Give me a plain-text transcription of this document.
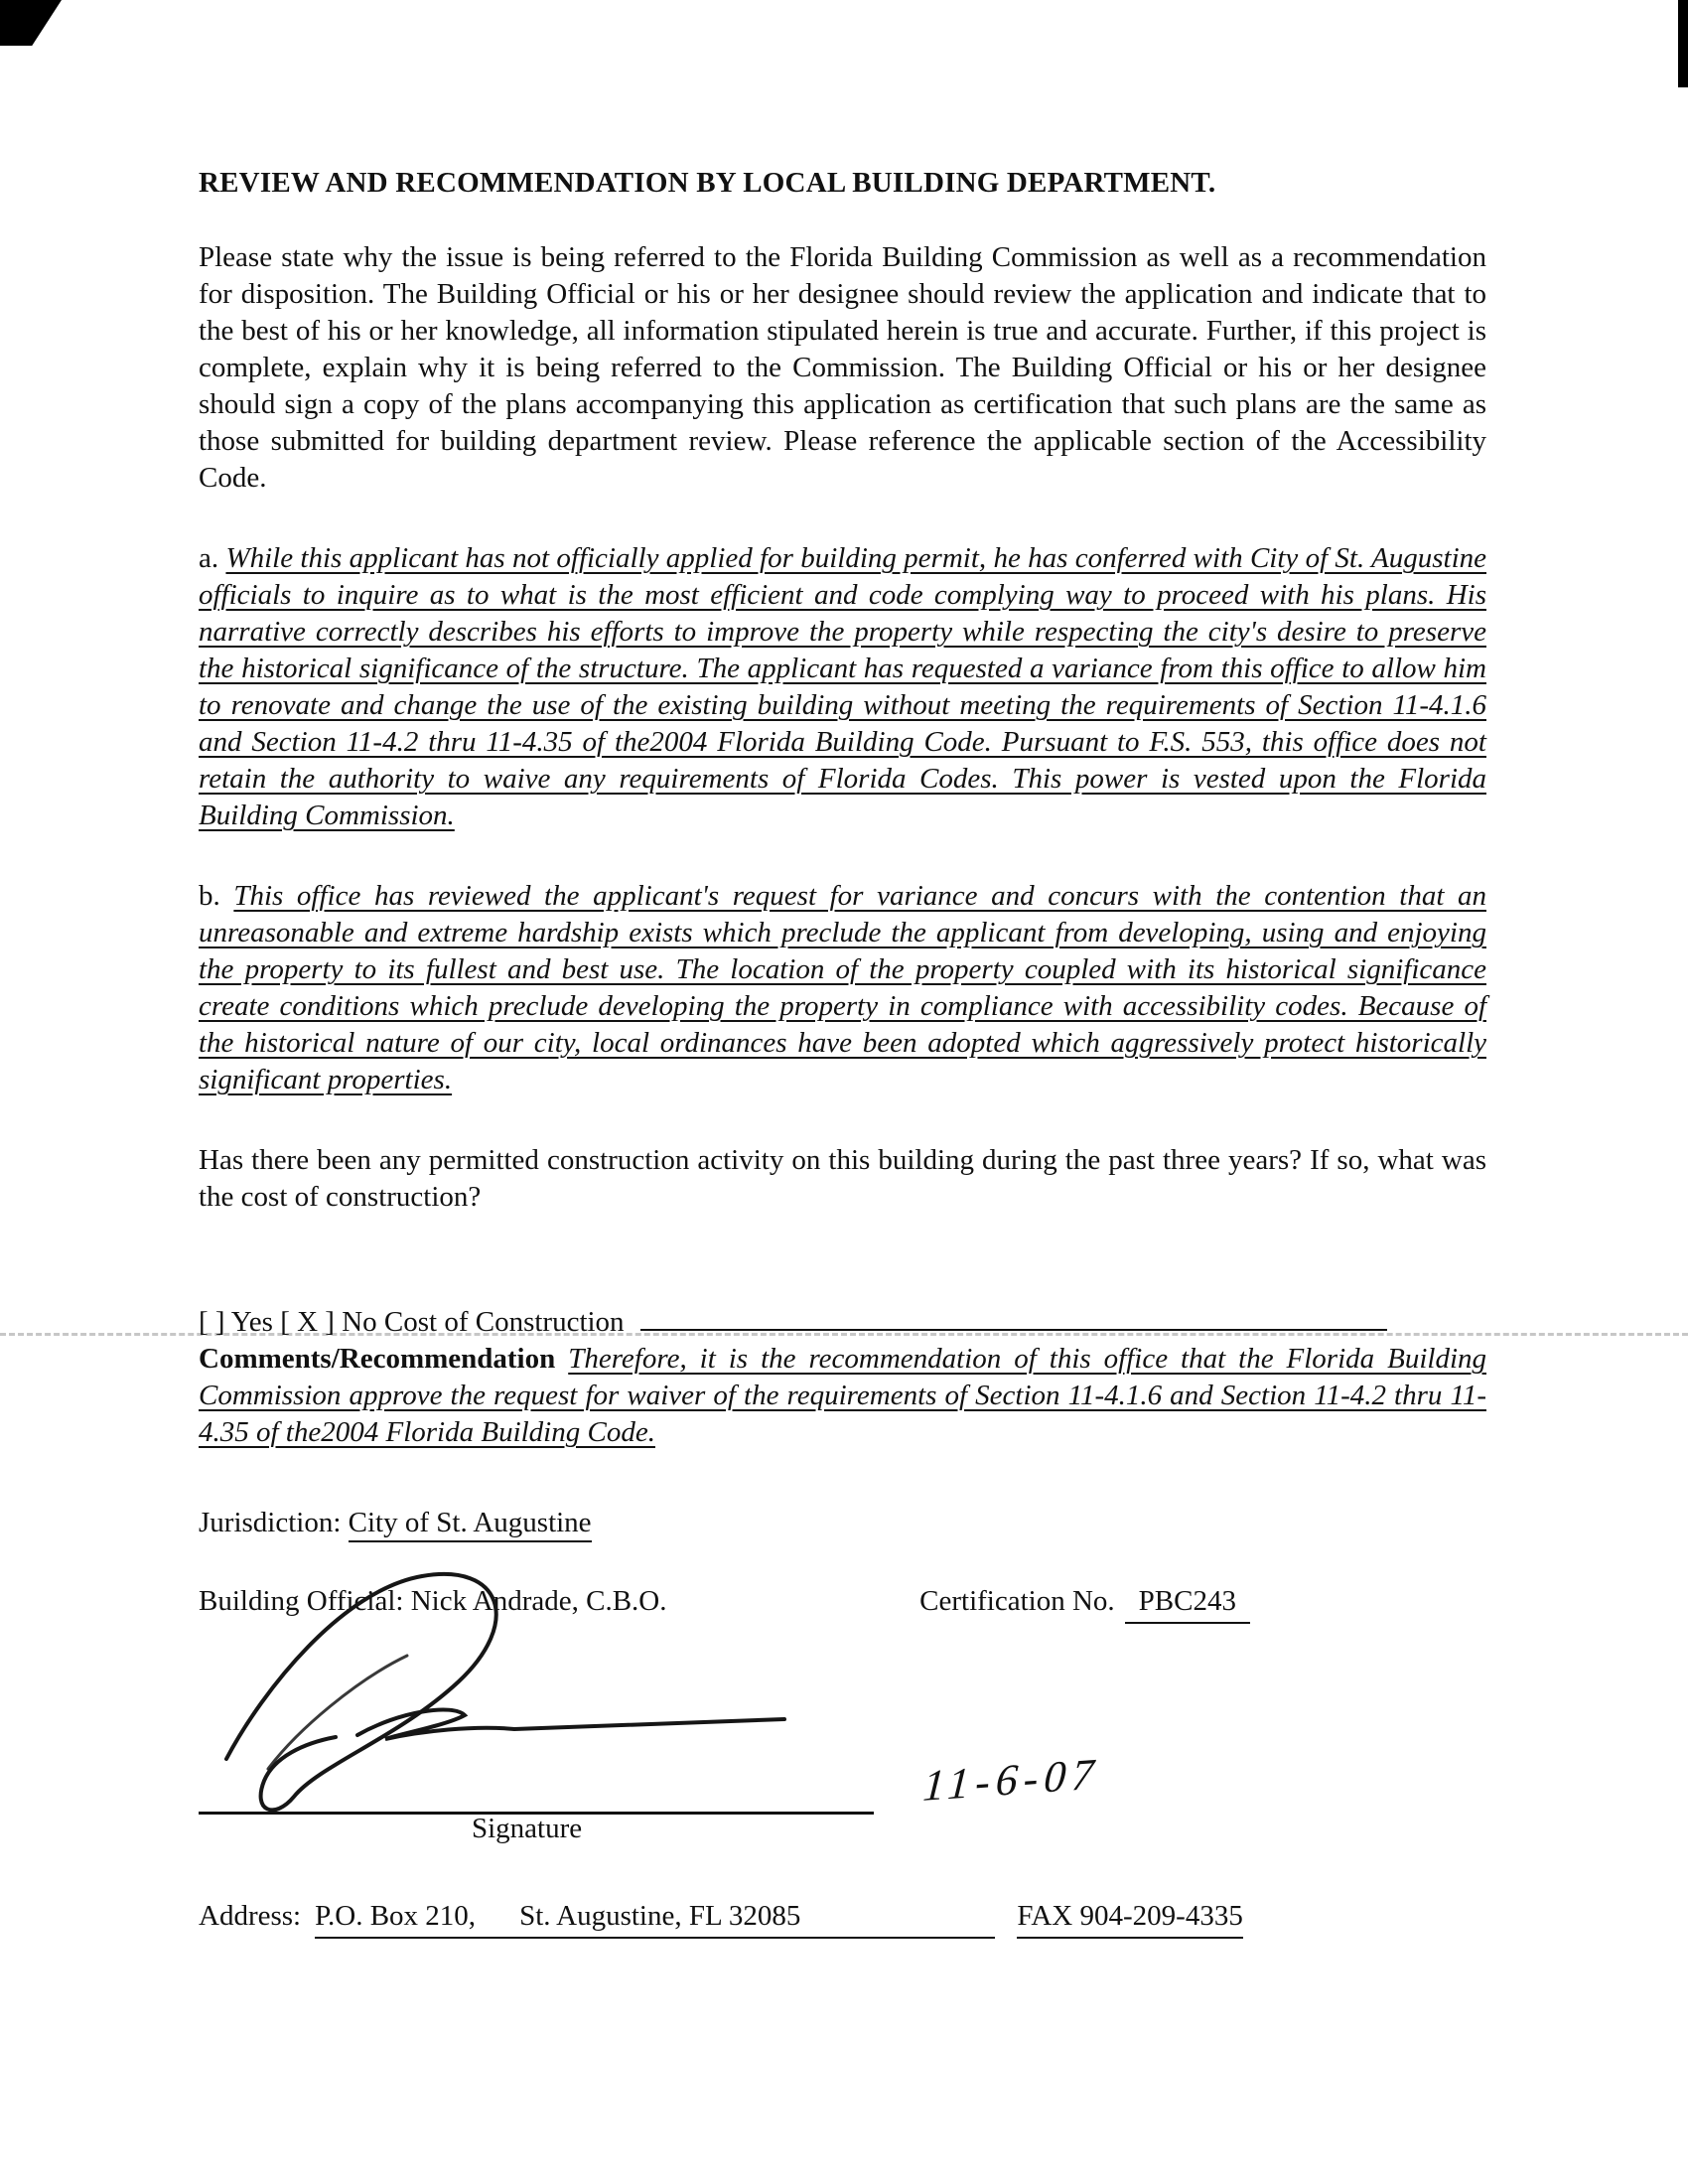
REVIEW AND RECOMMENDATION BY LOCAL BUILDING DEPARTMENT.

Please state why the issue is being referred to the Florida Building Commission as well as a recommendation for disposition. The Building Official or his or her designee should review the application and indicate that to the best of his or her knowledge, all information stipulated herein is true and accurate. Further, if this project is complete, explain why it is being referred to the Commission. The Building Official or his or her designee should sign a copy of the plans accompanying this application as certification that such plans are the same as those submitted for building department review. Please reference the applicable section of the Accessibility Code.

a. While this applicant has not officially applied for building permit, he has conferred with City of St. Augustine officials to inquire as to what is the most efficient and code complying way to proceed with his plans. His narrative correctly describes his efforts to improve the property while respecting the city's desire to preserve the historical significance of the structure. The applicant has requested a variance from this office to allow him to renovate and change the use of the existing building without meeting the requirements of Section 11-4.1.6 and Section 11-4.2 thru 11-4.35 of the2004 Florida Building Code. Pursuant to F.S. 553, this office does not retain the authority to waive any requirements of Florida Codes. This power is vested upon the Florida Building Commission.

b. This office has reviewed the applicant's request for variance and concurs with the contention that an unreasonable and extreme hardship exists which preclude the applicant from developing, using and enjoying the property to its fullest and best use. The location of the property coupled with its historical significance create conditions which preclude developing the property in compliance with accessibility codes. Because of the historical nature of our city, local ordinances have been adopted which aggressively protect historically significant properties.

Has there been any permitted construction activity on this building during the past three years? If so, what was the cost of construction?

[ ] Yes [ X ] No Cost of Construction

Comments/Recommendation Therefore, it is the recommendation of this office that the Florida Building Commission approve the request for waiver of the requirements of Section 11-4.1.6 and Section 11-4.2 thru 11-4.35 of the2004 Florida Building Code.

Jurisdiction: City of St. Augustine
Building Official: Nick Andrade, C.B.O.	Certification No. PBC243
11-6-07
Signature
Address: P.O. Box 210, St. Augustine, FL 32085	FAX 904-209-4335
